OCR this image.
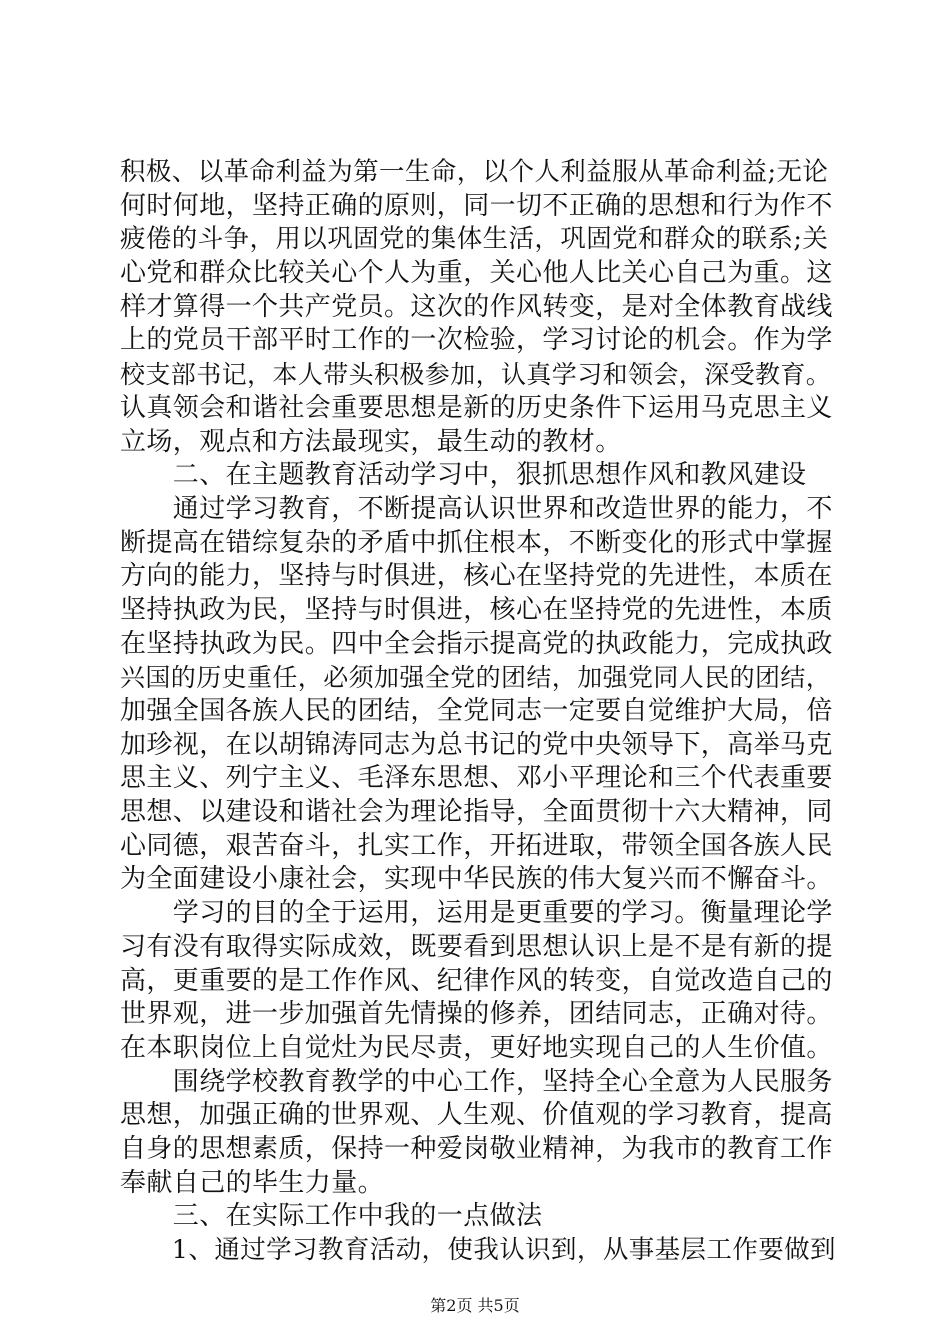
积极、以革命利益为第一生命，以个人利益服从革命利益;无论
何时何地，坚持正确的原则，同一切不正确的思想和行为作不
疲倦的斗争，用以巩固党的集体生活，巩固党和群众的联系;关
心党和群众比较关心个人为重，关心他人比关心自己为重。这
样才算得一个共产党员。这次的作风转变，是对全体教育战线
上的党员干部平时工作的一次检验，学习讨论的机会。作为学
校支部书记，本人带头积极参加，认真学习和领会，深受教育。
认真领会和谐社会重要思想是新的历史条件下运用马克思主义
立场，观点和方法最现实，最生动的教材。
　　二、在主题教育活动学习中，狠抓思想作风和教风建设
　　通过学习教育，不断提高认识世界和改造世界的能力，不
断提高在错综复杂的矛盾中抓住根本，不断变化的形式中掌握
方向的能力，坚持与时俱进，核心在坚持党的先进性，本质在
坚持执政为民，坚持与时俱进，核心在坚持党的先进性，本质
在坚持执政为民。四中全会指示提高党的执政能力，完成执政
兴国的历史重任，必须加强全党的团结，加强党同人民的团结，
加强全国各族人民的团结，全党同志一定要自觉维护大局，倍
加珍视，在以胡锦涛同志为总书记的党中央领导下，高举马克
思主义、列宁主义、毛泽东思想、邓小平理论和三个代表重要
思想、以建设和谐社会为理论指导，全面贯彻十六大精神，同
心同德，艰苦奋斗，扎实工作，开拓进取，带领全国各族人民
为全面建设小康社会，实现中华民族的伟大复兴而不懈奋斗。
　　学习的目的全于运用，运用是更重要的学习。衡量理论学
习有没有取得实际成效，既要看到思想认识上是不是有新的提
高，更重要的是工作作风、纪律作风的转变，自觉改造自己的
世界观，进一步加强首先情操的修养，团结同志，正确对待。
在本职岗位上自觉灶为民尽责，更好地实现自己的人生价值。
　　围绕学校教育教学的中心工作，坚持全心全意为人民服务
思想，加强正确的世界观、人生观、价值观的学习教育，提高
自身的思想素质，保持一种爱岗敬业精神，为我市的教育工作
奉献自己的毕生力量。
　　三、在实际工作中我的一点做法
　　1、通过学习教育活动，使我认识到，从事基层工作要做到
第2页 共5页
